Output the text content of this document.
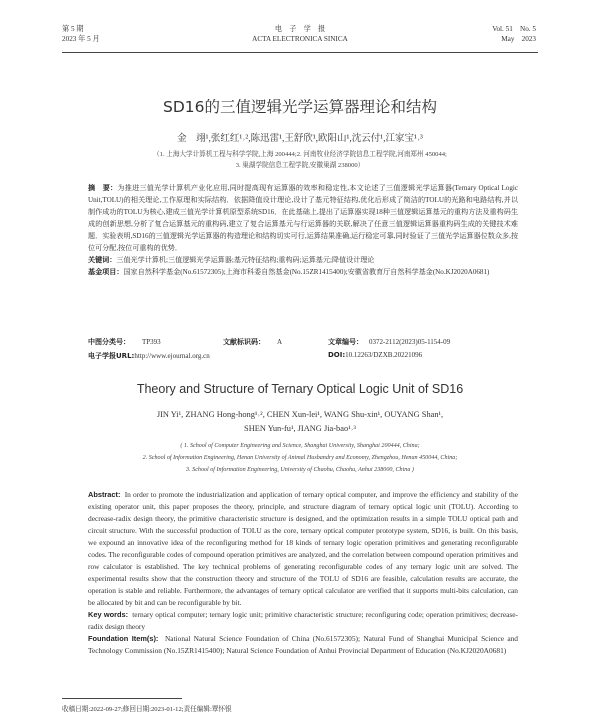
第 5 期
2023 年 5 月
电　子　学　报
ACTA ELECTRONICA SINICA
Vol. 51　No. 5
May　2023
SD16的三值逻辑光学运算器理论和结构
金　翊¹,张红红¹˒²,陈迅雷¹,王舒欣¹,欧阳山¹,沈云付¹,江家宝¹˒³
（1. 上海大学计算机工程与科学学院,上海 200444;2. 河南牧业经济学院信息工程学院,河南郑州 450044;
3. 巢湖学院信息工程学院,安徽巢湖 238000）

摘　要：为推进三值光学计算机产业化应用,同时提高现有运算器的效率和稳定性,本文论述了三值逻辑光学运算器(Ternary Optical Logic Unit,TOLU)的相关理论,工作原理和实际结构．依据降值设计理论,设计了基元特征结构,优化后形成了简洁的TOLU的光路和电路结构,并以制作成功的TOLU为核心,建成三值光学计算机原型系统SD16．在此基础上,提出了运算器实现18种三值逻辑运算基元的重构方法及重构码生成的创新思想,分析了复合运算基元的重构码,建立了复合运算基元与行运算器的关联,解决了任意三值逻辑运算器重构码生成的关键技术难题．实验表明,SD16的三值逻辑光学运算器的构造理论和结构切实可行,运算结果准确,运行稳定可靠,同时验证了三值光学运算器位数众多,按位可分配,按位可重构的优势．
关键词：三值光学计算机;三值逻辑光学运算器;基元特征结构;重构码;运算基元;降值设计理论
基金项目：国家自然科学基金(No.61572305);上海市科委自然基金(No.15ZR1415400);安徽省教育厅自然科学基金(No.KJ2020A0681)

中图分类号： TP393	文献标识码： A	文章编号： 0372-2112(2023)05-1154-09
电子学报URL:http://www.ejournal.org.cn	DOI:10.12263/DZXB.20221096
Theory and Structure of Ternary Optical Logic Unit of SD16
JIN Yi¹, ZHANG Hong-hong¹˒², CHEN Xun-lei¹, WANG Shu-xin¹, OUYANG Shan¹,
SHEN Yun-fu¹, JIANG Jia-bao¹˒³
( 1. School of Computer Engineering and Science, Shanghai University, Shanghai 200444, China;
2. School of Information Engineering, Henan University of Animal Husbandry and Economy, Zhengzhou, Henan 450044, China;
3. School of Information Engineering, University of Chaohu, Chaohu, Anhui 238000, China )

Abstract: In order to promote the industrialization and application of ternary optical computer, and improve the efficiency and stability of the existing operator unit, this paper proposes the theory, principle, and structure diagram of ternary optical logic unit (TOLU). According to decrease-radix design theory, the primitive characteristic structure is designed, and the optimization results in a simple TOLU optical path and circuit structure. With the successful production of TOLU as the core, ternary optical computer prototype system, SD16, is built. On this basis, we expound an innovative idea of the reconfiguring method for 18 kinds of ternary logic operation primitives and generating reconfigurable codes. The reconfigurable codes of compound operation primitives are analyzed, and the correlation between compound operation primitives and row calculator is established. The key technical problems of generating reconfigurable codes of any ternary logic unit are solved. The experimental results show that the construction theory and structure of the TOLU of SD16 are feasible, calculation results are accurate, the operation is stable and reliable. Furthermore, the advantages of ternary optical calculator are verified that it supports multi-bits calculation, can be allocated by bit and can be reconfigurable by bit.
Key words: ternary optical computer; ternary logic unit; primitive characteristic structure; reconfiguring code; operation primitives; decrease-radix design theory
Foundation Item(s): National Natural Science Foundation of China (No.61572305); Natural Fund of Shanghai Municipal Science and Technology Commission (No.15ZR1415400); Natural Science Foundation of Anhui Provincial Department of Education (No.KJ2020A0681)

收稿日期:2022-09-27;修回日期:2023-01-12;责任编辑:覃怀银
